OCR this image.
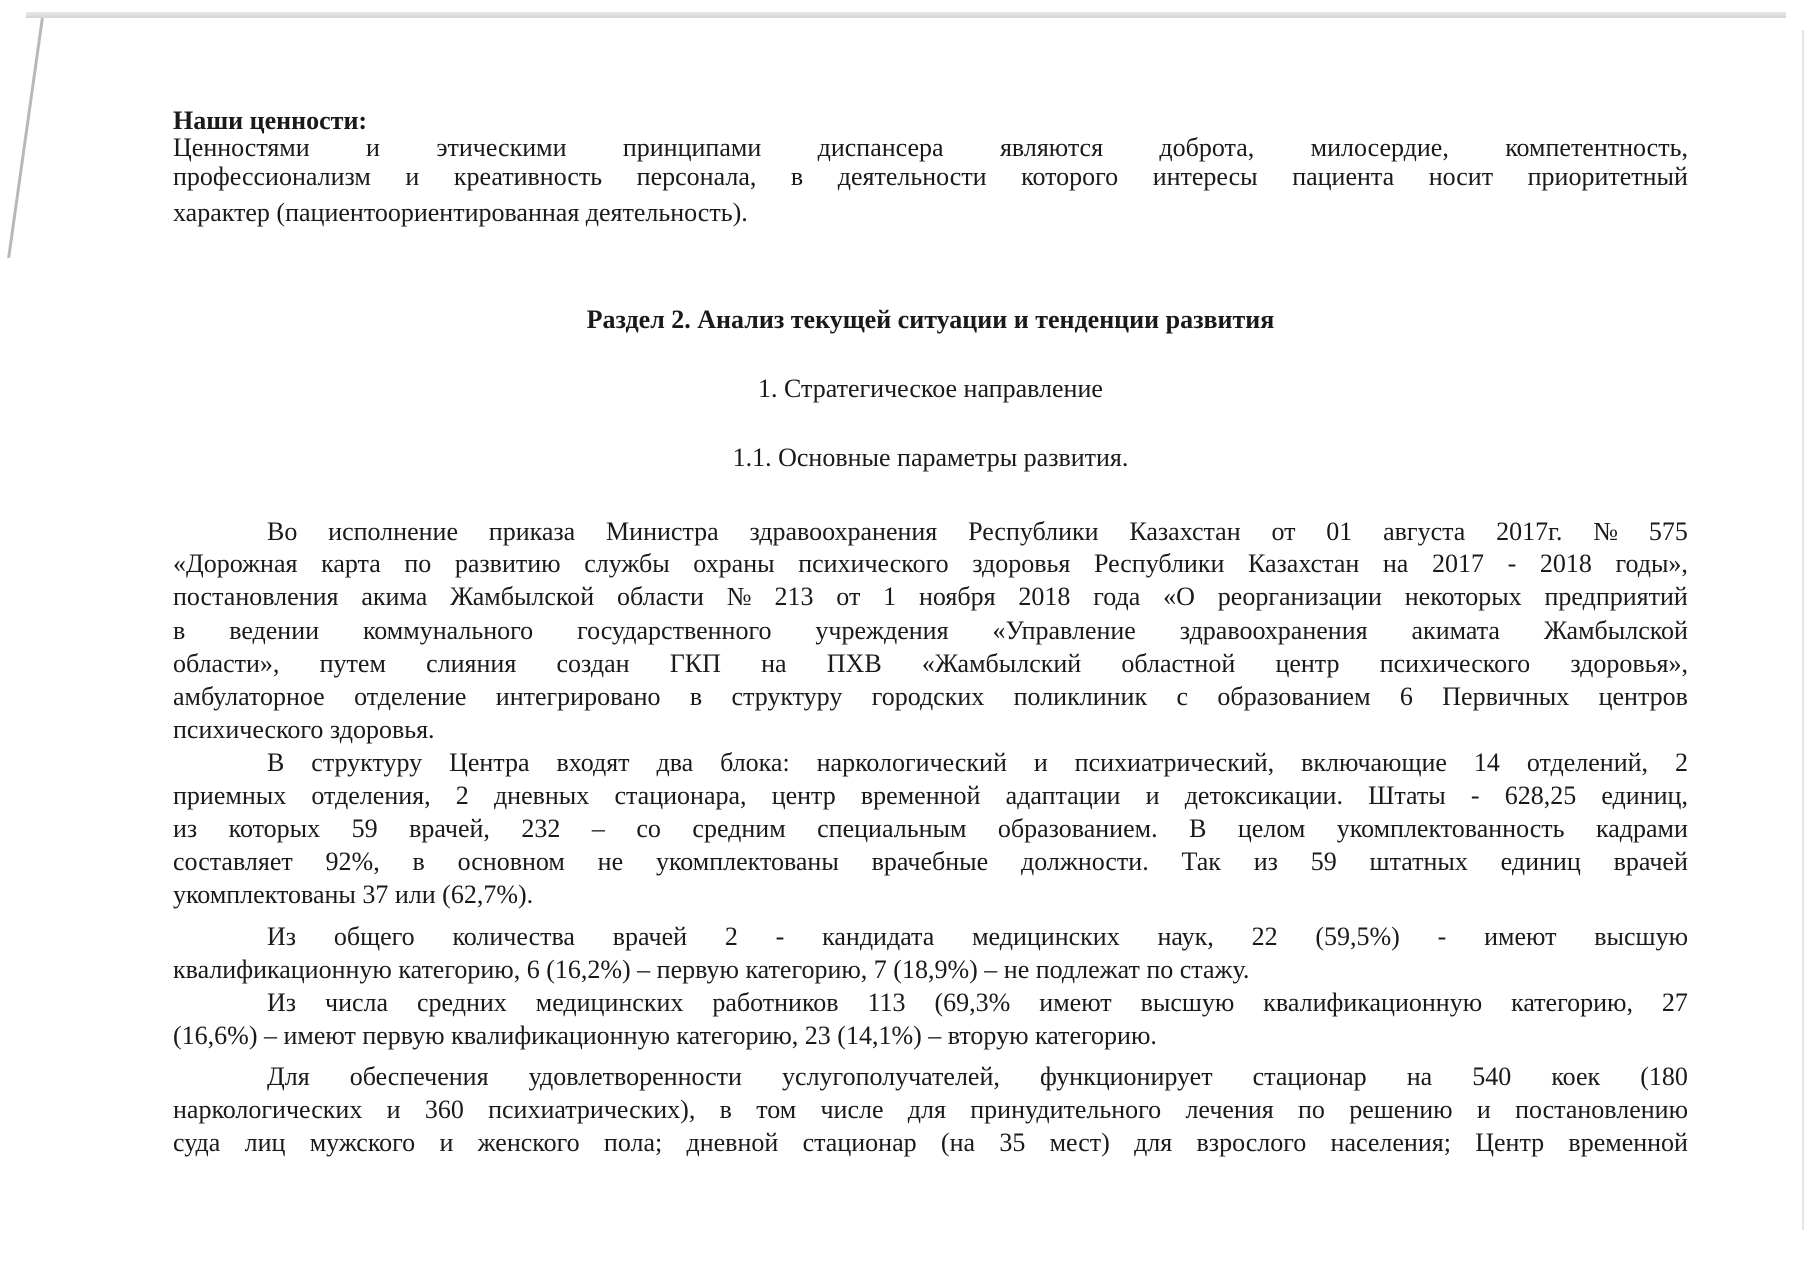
Наши ценности:
Ценностями и этическими принципами диспансера являются доброта, милосердие, компетентность,
профессионализм и креативность персонала, в деятельности которого интересы пациента носит приоритетный
характер (пациентоориентированная деятельность).
Раздел 2. Анализ текущей ситуации и тенденции развития
1. Стратегическое направление
1.1. Основные параметры развития.
Во исполнение приказа Министра здравоохранения Республики Казахстан от 01 августа 2017г. № 575
«Дорожная карта по развитию службы охраны психического здоровья Республики Казахстан на 2017 - 2018 годы»,
постановления акима Жамбылской области № 213 от 1 ноября 2018 года «О реорганизации некоторых предприятий
в ведении коммунального государственного учреждения «Управление здравоохранения акимата Жамбылской
области», путем слияния создан ГКП на ПХВ «Жамбылский областной центр психического здоровья»,
амбулаторное отделение интегрировано в структуру городских поликлиник с образованием 6 Первичных центров
психического здоровья.
В структуру Центра входят два блока: наркологический и психиатрический, включающие 14 отделений, 2
приемных отделения, 2 дневных стационара, центр временной адаптации и детоксикации. Штаты - 628,25 единиц,
из которых 59 врачей, 232 – со средним специальным образованием. В целом укомплектованность кадрами
составляет 92%, в основном не укомплектованы врачебные должности. Так из 59 штатных единиц врачей
укомплектованы 37 или (62,7%).
Из общего количества врачей 2 - кандидата медицинских наук, 22 (59,5%) - имеют высшую
квалификационную категорию, 6 (16,2%) – первую категорию, 7 (18,9%) – не подлежат по стажу.
Из числа средних медицинских работников 113 (69,3% имеют высшую квалификационную категорию, 27
(16,6%) – имеют первую квалификационную категорию, 23 (14,1%) – вторую категорию.
Для обеспечения удовлетворенности услугополучателей, функционирует стационар на 540 коек (180
наркологических и 360 психиатрических), в том числе для принудительного лечения по решению и постановлению
суда лиц мужского и женского пола; дневной стационар (на 35 мест) для взрослого населения; Центр временной
